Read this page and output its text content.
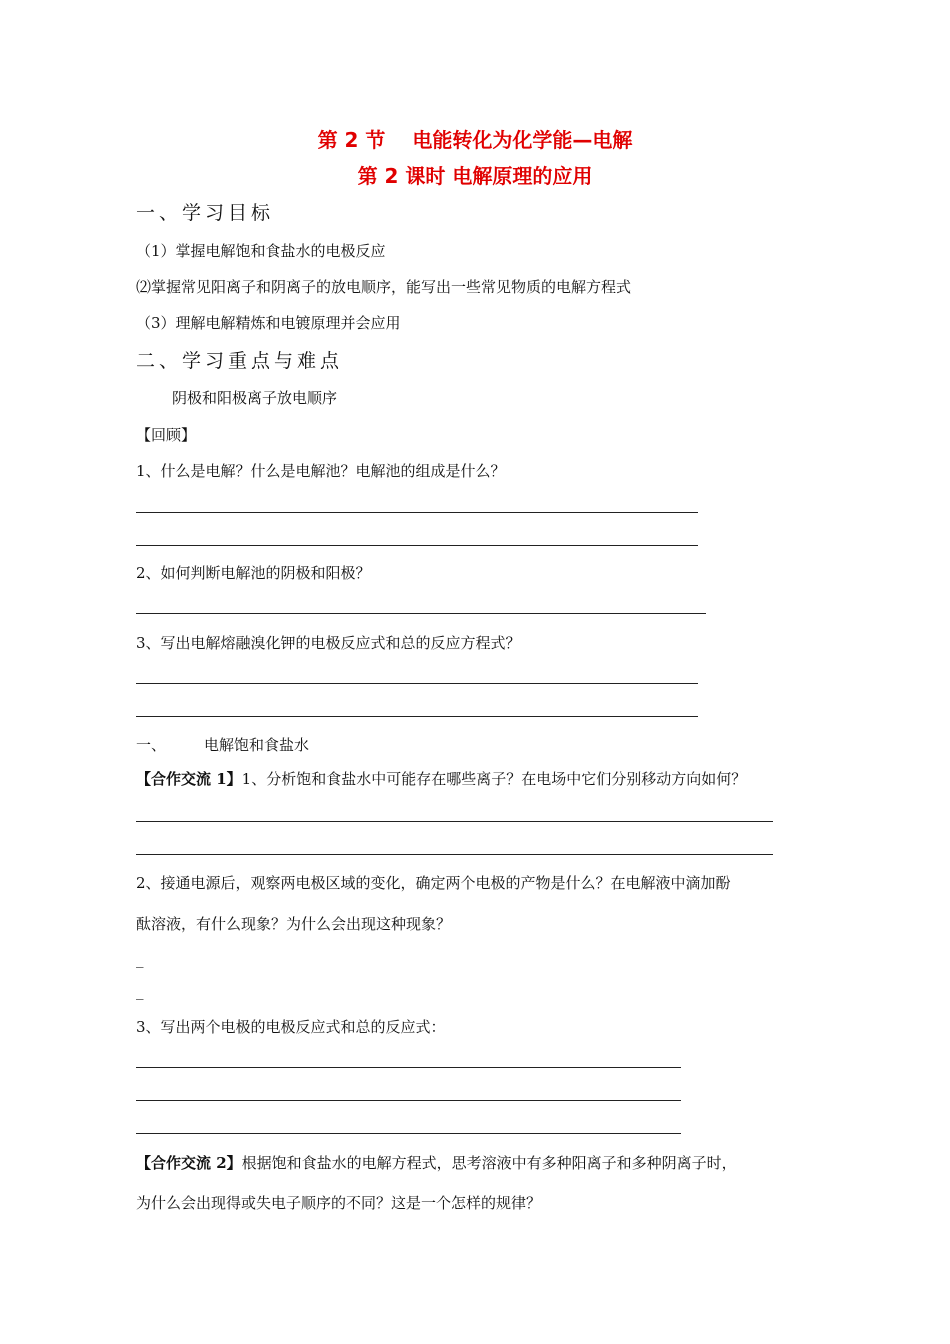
第 2 节　 电能转化为化学能—电解
第 2 课时 电解原理的应用
一、学习目标
（1）掌握电解饱和食盐水的电极反应
⑵掌握常见阳离子和阴离子的放电顺序，能写出一些常见物质的电解方程式
（3）理解电解精炼和电镀原理并会应用
二、学习重点与难点
阴极和阳极离子放电顺序
【回顾】
1、什么是电解？什么是电解池？电解池的组成是什么？
2、如何判断电解池的阴极和阳极？
3、写出电解熔融溴化钾的电极反应式和总的反应方程式？
一、	电解饱和食盐水
【合作交流 1】1、分析饱和食盐水中可能存在哪些离子？在电场中它们分别移动方向如何？
2、接通电源后，观察两电极区域的变化，确定两个电极的产物是什么？在电解液中滴加酚
酞溶液，有什么现象？为什么会出现这种现象？
_
_
3、写出两个电极的电极反应式和总的反应式：
【合作交流 2】根据饱和食盐水的电解方程式，思考溶液中有多种阳离子和多种阴离子时，
为什么会出现得或失电子顺序的不同？这是一个怎样的规律？
